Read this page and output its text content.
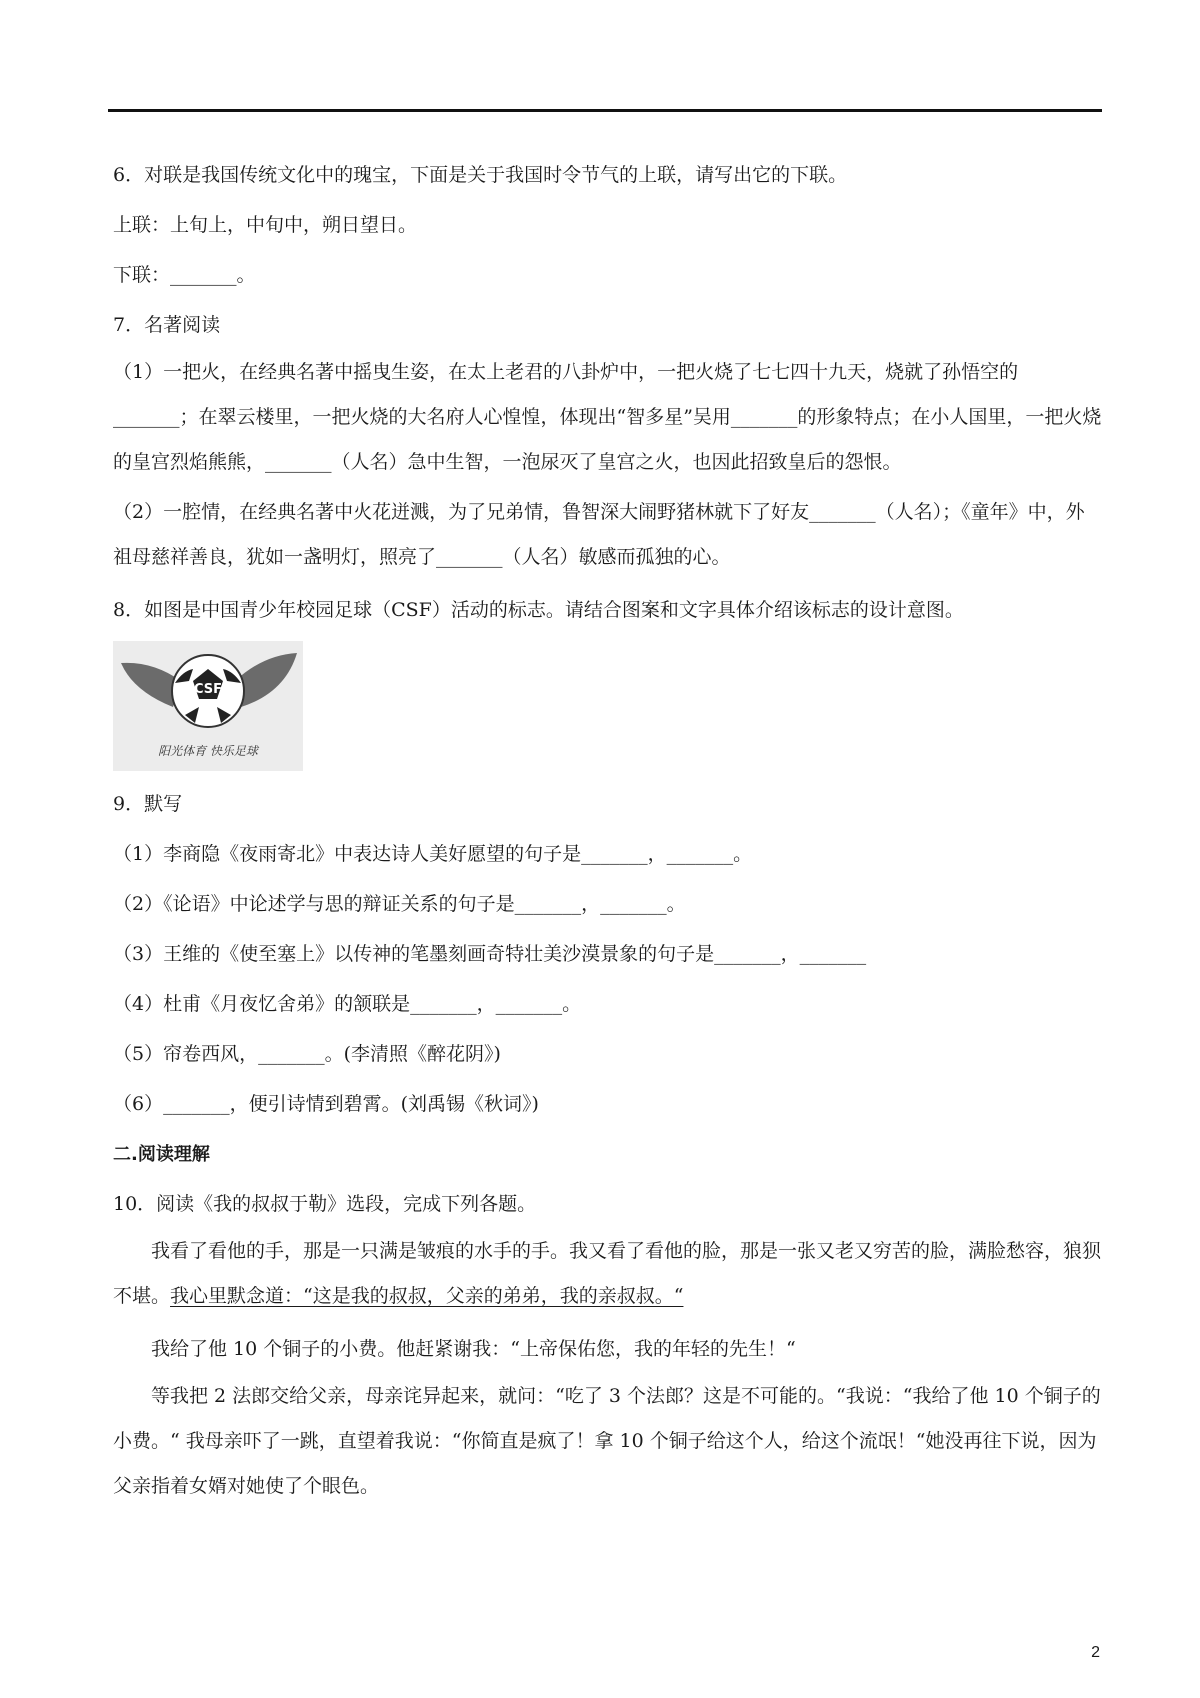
6．对联是我国传统文化中的瑰宝，下面是关于我国时令节气的上联，请写出它的下联。

上联：上旬上，中旬中，朔日望日。

下联：_______。

7．名著阅读

（1）一把火，在经典名著中摇曳生姿，在太上老君的八卦炉中，一把火烧了七七四十九天，烧就了孙悟空的_______；在翠云楼里，一把火烧的大名府人心惶惶，体现出“智多星”吴用_______的形象特点；在小人国里，一把火烧的皇宫烈焰熊熊，_______（人名）急中生智，一泡尿灭了皇宫之火，也因此招致皇后的怨恨。

（2）一腔情，在经典名著中火花迸溅，为了兄弟情，鲁智深大闹野猪林就下了好友_______（人名）；《童年》中，外祖母慈祥善良，犹如一盏明灯，照亮了_______（人名）敏感而孤独的心。

8．如图是中国青少年校园足球（CSF）活动的标志。请结合图案和文字具体介绍该标志的设计意图。

CSF
阳光体育 快乐足球

9．默写

（1）李商隐《夜雨寄北》中表达诗人美好愿望的句子是_______，_______。

（2）《论语》中论述学与思的辩证关系的句子是_______，_______。

（3）王维的《使至塞上》以传神的笔墨刻画奇特壮美沙漠景象的句子是_______，_______

（4）杜甫《月夜忆舍弟》的颔联是_______，_______。

（5）帘卷西风，_______。(李清照《醉花阴》)

（6）_______，便引诗情到碧霄。(刘禹锡《秋词》)

二.阅读理解

10．阅读《我的叔叔于勒》选段，完成下列各题。

我看了看他的手，那是一只满是皱痕的水手的手。我又看了看他的脸，那是一张又老又穷苦的脸，满脸愁容，狼狈不堪。我心里默念道：“这是我的叔叔，父亲的弟弟，我的亲叔叔。“

我给了他 10 个铜子的小费。他赶紧谢我：“上帝保佑您，我的年轻的先生！“

等我把 2 法郎交给父亲，母亲诧异起来，就问：“吃了 3 个法郎？这是不可能的。“我说：“我给了他 10 个铜子的小费。“ 我母亲吓了一跳，直望着我说：“你简直是疯了！拿 10 个铜子给这个人，给这个流氓！“她没再往下说，因为父亲指着女婿对她使了个眼色。

2
